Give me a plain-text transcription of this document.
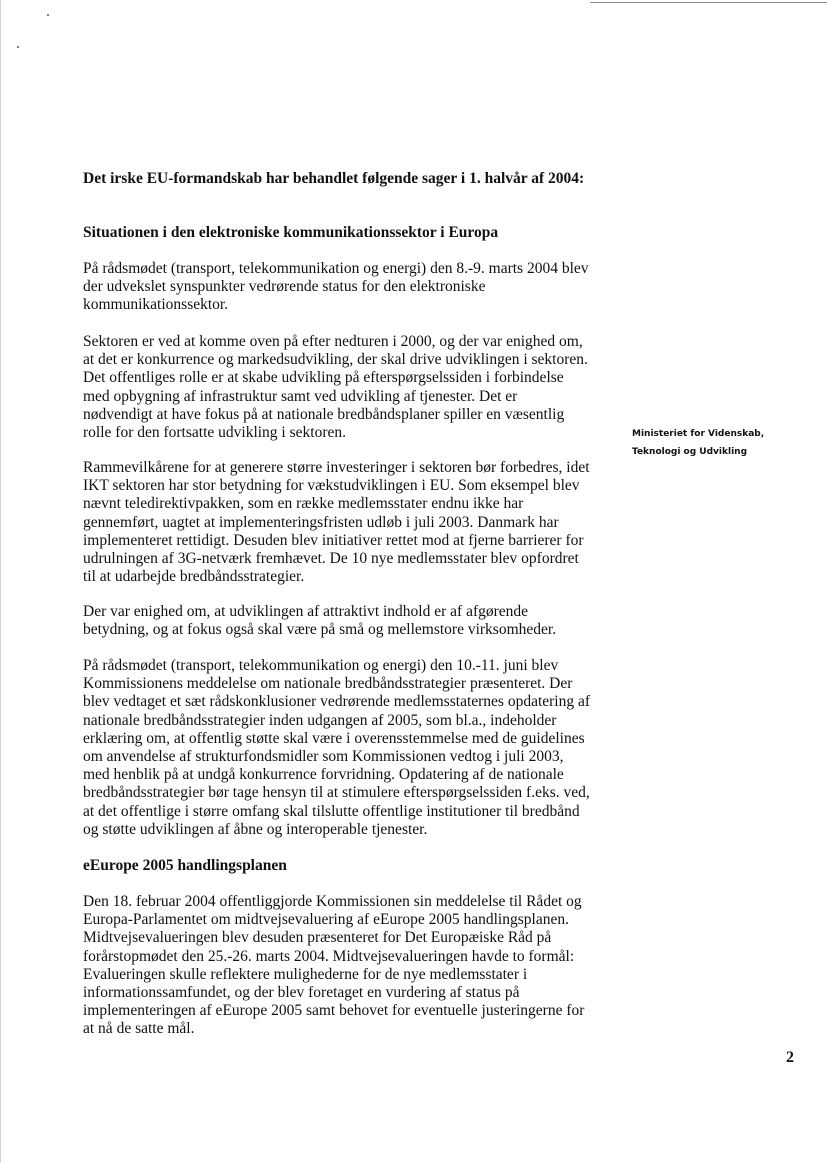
Det irske EU-formandskab har behandlet følgende sager i 1. halvår af 2004:
Situationen i den elektroniske kommunikationssektor i Europa
På rådsmødet (transport, telekommunikation og energi) den 8.-9. marts 2004 blev
der udvekslet synspunkter vedrørende status for den elektroniske
kommunikationssektor.
Sektoren er ved at komme oven på efter nedturen i 2000, og der var enighed om,
at det er konkurrence og markedsudvikling, der skal drive udviklingen i sektoren.
Det offentliges rolle er at skabe udvikling på efterspørgselssiden i forbindelse
med opbygning af infrastruktur samt ved udvikling af tjenester. Det er
nødvendigt at have fokus på at nationale bredbåndsplaner spiller en væsentlig
rolle for den fortsatte udvikling i sektoren.
Rammevilkårene for at generere større investeringer i sektoren bør forbedres, idet
IKT sektoren har stor betydning for vækstudviklingen i EU. Som eksempel blev
nævnt teledirektivpakken, som en række medlemsstater endnu ikke har
gennemført, uagtet at implementeringsfristen udløb i juli 2003. Danmark har
implementeret rettidigt. Desuden blev initiativer rettet mod at fjerne barrierer for
udrulningen af 3G-netværk fremhævet. De 10 nye medlemsstater blev opfordret
til at udarbejde bredbåndsstrategier.
Der var enighed om, at udviklingen af attraktivt indhold er af afgørende
betydning, og at fokus også skal være på små og mellemstore virksomheder.
På rådsmødet (transport, telekommunikation og energi) den 10.-11. juni blev
Kommissionens meddelelse om nationale bredbåndsstrategier præsenteret. Der
blev vedtaget et sæt rådskonklusioner vedrørende medlemsstaternes opdatering af
nationale bredbåndsstrategier inden udgangen af 2005, som bl.a., indeholder
erklæring om, at offentlig støtte skal være i overensstemmelse med de guidelines
om anvendelse af strukturfondsmidler som Kommissionen vedtog i juli 2003,
med henblik på at undgå konkurrence forvridning. Opdatering af de nationale
bredbåndsstrategier bør tage hensyn til at stimulere efterspørgselssiden f.eks. ved,
at det offentlige i større omfang skal tilslutte offentlige institutioner til bredbånd
og støtte udviklingen af åbne og interoperable tjenester.
eEurope 2005 handlingsplanen
Den 18. februar 2004 offentliggjorde Kommissionen sin meddelelse til Rådet og
Europa-Parlamentet om midtvejsevaluering af eEurope 2005 handlingsplanen.
Midtvejsevalueringen blev desuden præsenteret for Det Europæiske Råd på
forårstopmødet den 25.-26. marts 2004. Midtvejsevalueringen havde to formål:
Evalueringen skulle reflektere mulighederne for de nye medlemsstater i
informationssamfundet, og der blev foretaget en vurdering af status på
implementeringen af eEurope 2005 samt behovet for eventuelle justeringerne for
at nå de satte mål.
Ministeriet for Videnskab,
Teknologi og Udvikling
2
